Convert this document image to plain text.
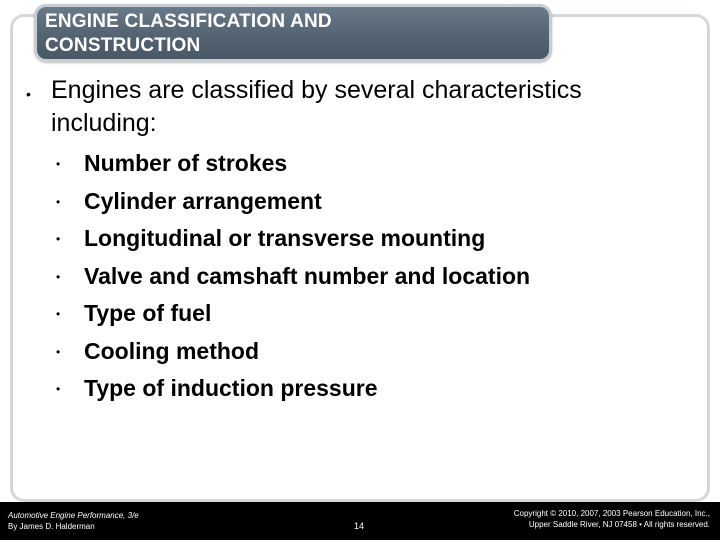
ENGINE CLASSIFICATION AND
CONSTRUCTION
• Engines are classified by several characteristics including:
• Number of strokes
• Cylinder arrangement
• Longitudinal or transverse mounting
• Valve and camshaft number and location
• Type of fuel
• Cooling method
• Type of induction pressure
Automotive Engine Performance, 3/e
By James D. Halderman	14
Copyright © 2010, 2007, 2003 Pearson Education, Inc.,
Upper Saddle River, NJ 07458 • All rights reserved.
